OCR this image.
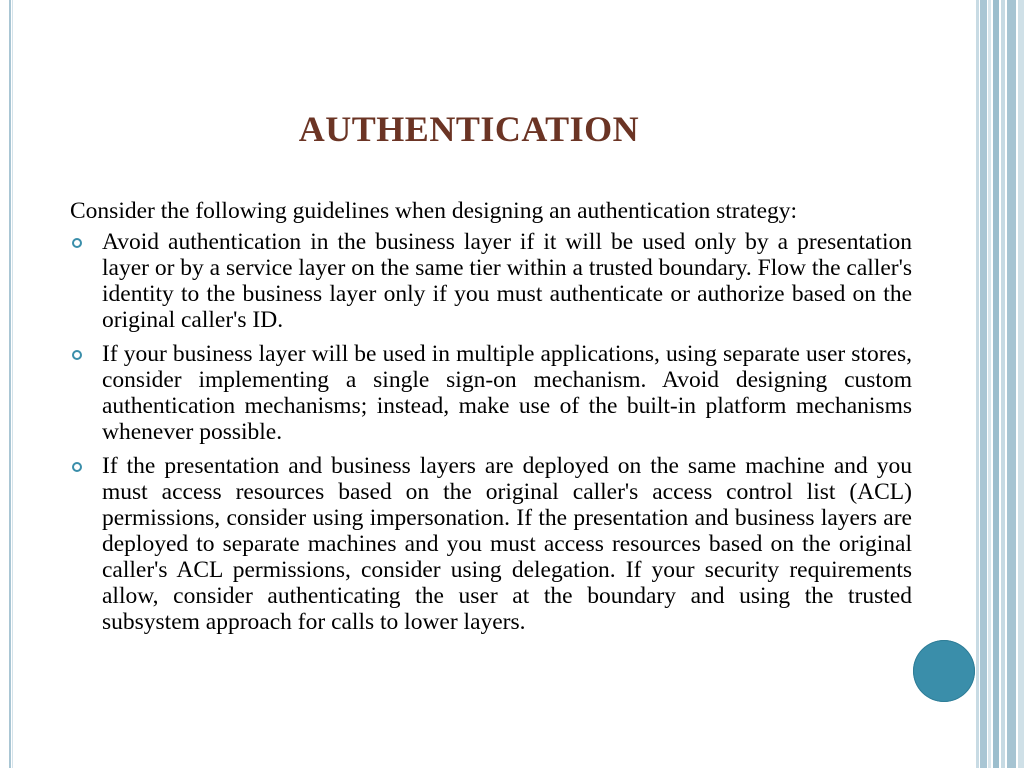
AUTHENTICATION

Consider the following guidelines when designing an authentication strategy:

Avoid authentication in the business layer if it will be used only by a presentation layer or by a service layer on the same tier within a trusted boundary. Flow the caller's identity to the business layer only if you must authenticate or authorize based on the original caller's ID.
If your business layer will be used in multiple applications, using separate user stores, consider implementing a single sign-on mechanism. Avoid designing custom authentication mechanisms; instead, make use of the built-in platform mechanisms whenever possible.
If the presentation and business layers are deployed on the same machine and you must access resources based on the original caller's access control list (ACL) permissions, consider using impersonation. If the presentation and business layers are deployed to separate machines and you must access resources based on the original caller's ACL permissions, consider using delegation. If your security requirements allow, consider authenticating the user at the boundary and using the trusted subsystem approach for calls to lower layers.
